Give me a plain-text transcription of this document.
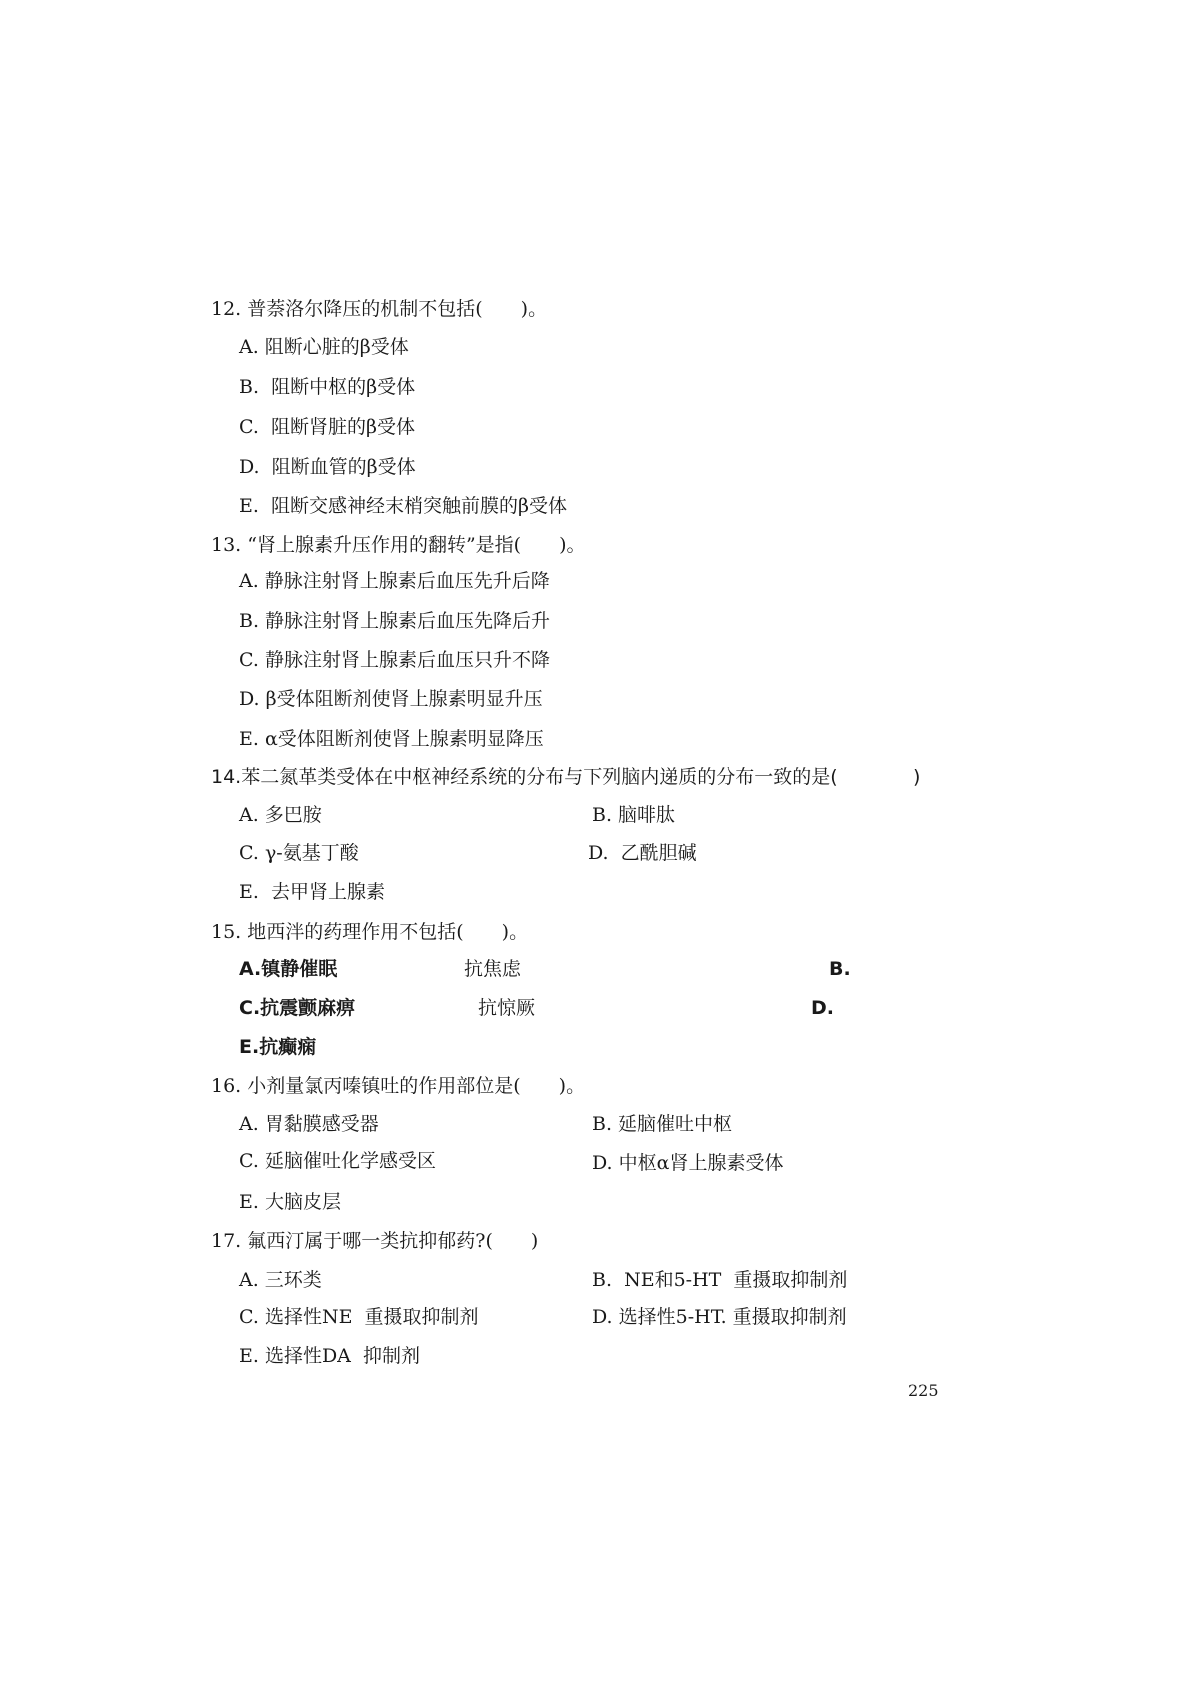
12. 普萘洛尔降压的机制不包括(　　)。
A. 阻断心脏的β受体
B.  阻断中枢的β受体
C.  阻断肾脏的β受体
D.  阻断血管的β受体
E.  阻断交感神经末梢突触前膜的β受体
13. “肾上腺素升压作用的翻转”是指(　　)。
A. 静脉注射肾上腺素后血压先升后降
B. 静脉注射肾上腺素后血压先降后升
C. 静脉注射肾上腺素后血压只升不降
D. β受体阻断剂使肾上腺素明显升压
E. α受体阻断剂使肾上腺素明显降压
14.苯二氮革类受体在中枢神经系统的分布与下列脑内递质的分布一致的是(	)
A. 多巴胺	B. 脑啡肽
C. γ-氨基丁酸	D.  乙酰胆碱
E.  去甲肾上腺素
15. 地西泮的药理作用不包括(　　)。
A.镇静催眠	抗焦虑	B.
C.抗震颤麻痹	抗惊厥	D.
E.抗癫痫
16. 小剂量氯丙嗪镇吐的作用部位是(　　)。
A. 胃黏膜感受器	B. 延脑催吐中枢
C. 延脑催吐化学感受区	D. 中枢α肾上腺素受体
E. 大脑皮层
17. 氟西汀属于哪一类抗抑郁药?(　　)
A. 三环类	B.  NE和5-HT  重摄取抑制剂
C. 选择性NE  重摄取抑制剂	D. 选择性5-HT. 重摄取抑制剂
E. 选择性DA  抑制剂
225
